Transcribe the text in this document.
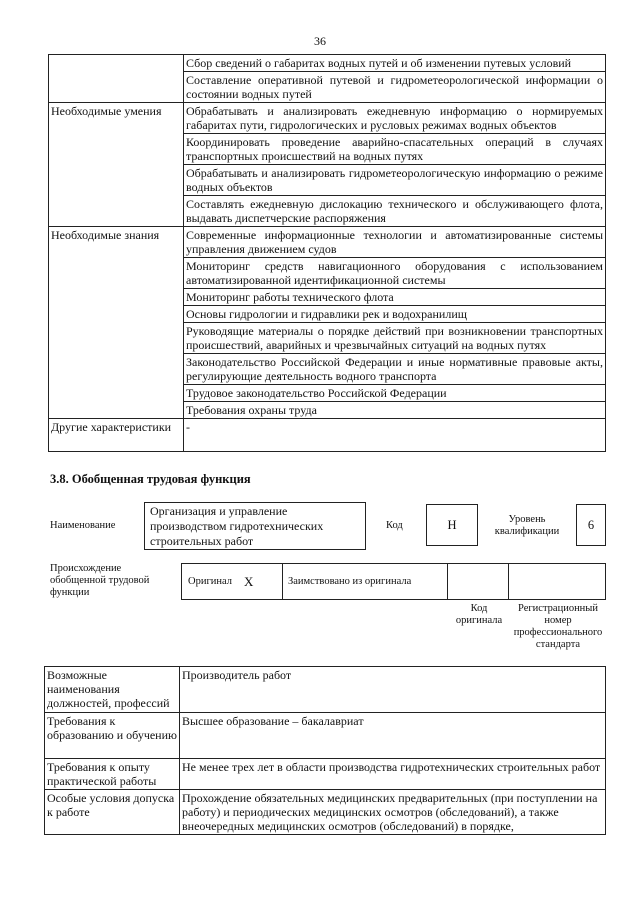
36
	Сбор сведений о габаритах водных путей и об изменении путевых условий
	Составление оперативной путевой и гидрометеорологической информации о состоянии водных путей
Необходимые умения	Обрабатывать и анализировать ежедневную информацию о нормируемых габаритах пути, гидрологических и русловых режимах водных объектов
	Координировать проведение аварийно-спасательных операций в случаях транспортных происшествий на водных путях
	Обрабатывать и анализировать гидрометеорологическую информацию о режиме водных объектов
	Составлять ежедневную дислокацию технического и обслуживающего флота, выдавать диспетчерские распоряжения
Необходимые знания	Современные информационные технологии и автоматизированные системы управления движением судов
	Мониторинг средств навигационного оборудования с использованием автоматизированной идентификационной системы
	Мониторинг работы технического флота
	Основы гидрологии и гидравлики рек и водохранилищ
	Руководящие материалы о порядке действий при возникновении транспортных происшествий, аварийных и чрезвычайных ситуаций на водных путях
	Законодательство Российской Федерации и иные нормативные правовые акты, регулирующие деятельность водного транспорта
	Трудовое законодательство Российской Федерации
	Требования охраны труда
Другие характеристики	-
3.8. Обобщенная трудовая функция
Наименование
Организация и управление производством гидротехнических строительных работ
Код	H	Уровень квалификации	6
Происхождение обобщенной трудовой функции
Оригинал X	Заимствовано из оригинала
Код оригинала
Регистрационный номер профессионального стандарта
Возможные наименования должностей, профессий	Производитель работ
Требования к образованию и обучению	Высшее образование – бакалавриат
Требования к опыту практической работы	Не менее трех лет в области производства гидротехнических строительных работ
Особые условия допуска к работе	Прохождение обязательных медицинских предварительных (при поступлении на работу) и периодических медицинских осмотров (обследований), а также внеочередных медицинских осмотров (обследований) в порядке,
